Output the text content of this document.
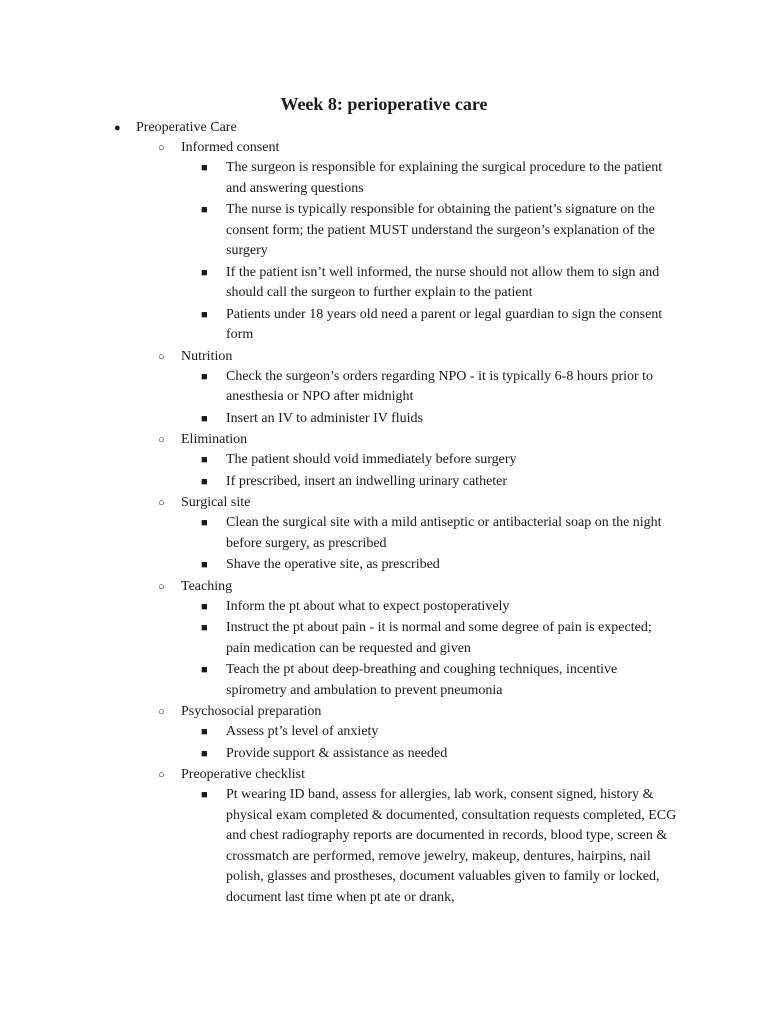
Week 8: perioperative care
● Preoperative Care
○ Informed consent
■ The surgeon is responsible for explaining the surgical procedure to the patient and answering questions
■ The nurse is typically responsible for obtaining the patient’s signature on the consent form; the patient MUST understand the surgeon’s explanation of the surgery
■ If the patient isn’t well informed, the nurse should not allow them to sign and should call the surgeon to further explain to the patient
■ Patients under 18 years old need a parent or legal guardian to sign the consent form
○ Nutrition
■ Check the surgeon’s orders regarding NPO - it is typically 6-8 hours prior to anesthesia or NPO after midnight
■ Insert an IV to administer IV fluids
○ Elimination
■ The patient should void immediately before surgery
■ If prescribed, insert an indwelling urinary catheter
○ Surgical site
■ Clean the surgical site with a mild antiseptic or antibacterial soap on the night before surgery, as prescribed
■ Shave the operative site, as prescribed
○ Teaching
■ Inform the pt about what to expect postoperatively
■ Instruct the pt about pain - it is normal and some degree of pain is expected; pain medication can be requested and given
■ Teach the pt about deep-breathing and coughing techniques, incentive spirometry and ambulation to prevent pneumonia
○ Psychosocial preparation
■ Assess pt’s level of anxiety
■ Provide support & assistance as needed
○ Preoperative checklist
■ Pt wearing ID band, assess for allergies, lab work, consent signed, history & physical exam completed & documented, consultation requests completed, ECG and chest radiography reports are documented in records, blood type, screen & crossmatch are performed, remove jewelry, makeup, dentures, hairpins, nail polish, glasses and prostheses, document valuables given to family or locked, document last time when pt ate or drank,
